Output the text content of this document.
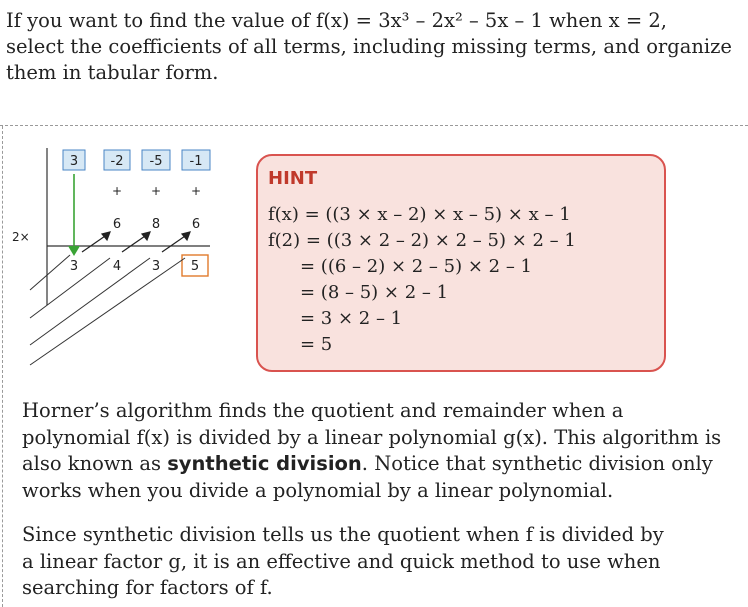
If you want to find the value of f(x) = 3x³ – 2x² – 5x – 1 when x = 2,
select the coefficients of all terms, including missing terms, and organize
them in tabular form.
3 -2 -5 -1
+ + +
6 8 6
2×
3	4 3 5
HINT
f(x) = ((3 × x – 2) × x – 5) × x – 1
f(2) = ((3 × 2 – 2) × 2 – 5) × 2 – 1
= ((6 – 2) × 2 – 5) × 2 – 1
= (8 – 5) × 2 – 1
= 3 × 2 – 1
= 5
Horner’s algorithm finds the quotient and remainder when a
polynomial f(x) is divided by a linear polynomial g(x). This algorithm is
also known as synthetic division. Notice that synthetic division only
works when you divide a polynomial by a linear polynomial.
Since synthetic division tells us the quotient when f is divided by
a linear factor g, it is an effective and quick method to use when
searching for factors of f.
